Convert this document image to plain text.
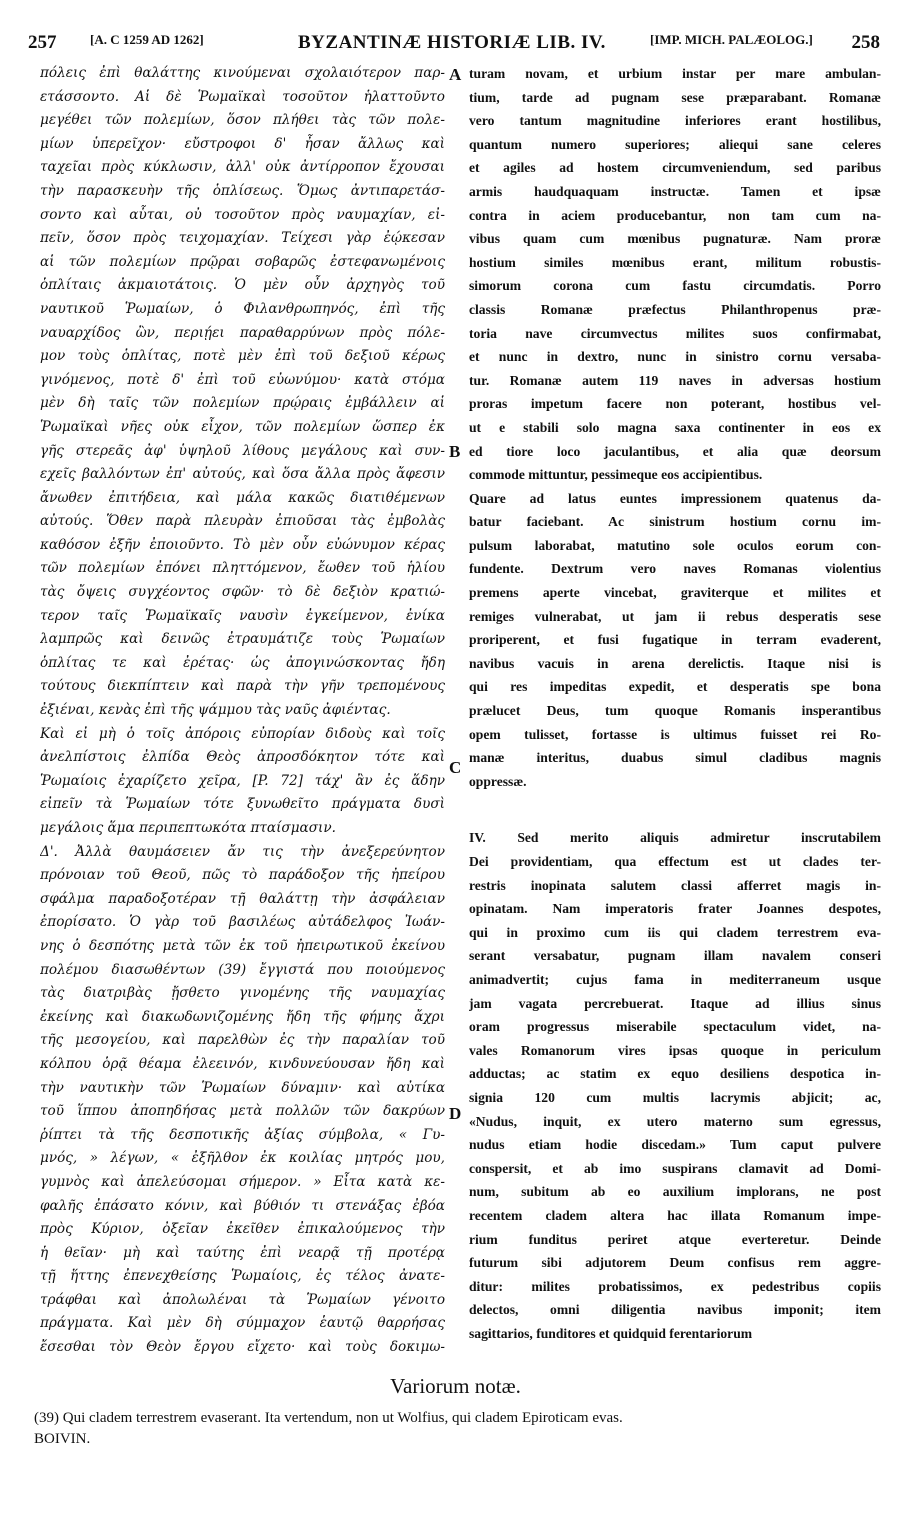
257	[A. C 1259 AD 1262]	BYZANTINÆ HISTORIÆ LIB. IV.	[IMP. MICH. PALÆOLOG.] 258
πόλεις ἐπὶ θαλάττης κινούμεναι σχολαιότερον παρ-
ετάσσοντο. Αἱ δὲ Ῥωμαϊκαὶ τοσοῦτον ἡλαττοῦντο
μεγέθει τῶν πολεμίων, ὅσον πλήθει τὰς τῶν πολε-
μίων ὑπερεῖχον· εὔστροφοι δ' ἦσαν ἄλλως καὶ
ταχεῖαι πρὸς κύκλωσιν, ἀλλ' οὐκ ἀντίρροπον ἔχουσαι
τὴν παρασκευὴν τῆς ὁπλίσεως. Ὅμως ἀντιπαρετάσ-
σοντο καὶ αὗται, οὐ τοσοῦτον πρὸς ναυμαχίαν, εἰ-
πεῖν, ὅσον πρὸς τειχομαχίαν. Τείχεσι γὰρ ἐῴκεσαν
αἱ τῶν πολεμίων πρῷραι σοβαρῶς ἐστεφανωμένοις
ὁπλίταις ἀκμαιοτάτοις. Ὁ μὲν οὖν ἀρχηγὸς τοῦ
ναυτικοῦ Ῥωμαίων, ὁ Φιλανθρωπηνός, ἐπὶ τῆς
ναυαρχίδος ὢν, περιῄει παραθαρρύνων πρὸς πόλε-
μον τοὺς ὁπλίτας, ποτὲ μὲν ἐπὶ τοῦ δεξιοῦ κέρως
γινόμενος, ποτὲ δ' ἐπὶ τοῦ εὐωνύμου· κατὰ στόμα
μὲν δὴ ταῖς τῶν πολεμίων πρῴραις ἐμβάλλειν αἱ
Ῥωμαϊκαὶ νῆες οὐκ εἶχον, τῶν πολεμίων ὥσπερ ἐκ
γῆς στερεᾶς ἀφ' ὑψηλοῦ λίθους μεγάλους καὶ συν-
εχεῖς βαλλόντων ἐπ' αὐτούς, καὶ ὅσα ἄλλα πρὸς ἄφεσιν
ἄνωθεν ἐπιτήδεια, καὶ μάλα κακῶς διατιθέμενων
αὐτούς. Ὅθεν παρὰ πλευρὰν ἐπιοῦσαι τὰς ἐμβολὰς
καθόσον ἐξῆν ἐποιοῦντο. Τὸ μὲν οὖν εὐώνυμον κέρας
τῶν πολεμίων ἐπόνει πληττόμενον, ἔωθεν τοῦ ἡλίου
τὰς ὄψεις συγχέοντος σφῶν· τὸ δὲ δεξιὸν κρατιώ-
τερον ταῖς Ῥωμαϊκαῖς ναυσὶν ἐγκείμενον, ἐνίκα
λαμπρῶς καὶ δεινῶς ἐτραυμάτιζε τοὺς Ῥωμαίων
ὁπλίτας τε καὶ ἐρέτας· ὡς ἀπογινώσκοντας ἤδη
τούτους διεκπίπτειν καὶ παρὰ τὴν γῆν τρεπομένους
ἐξιέναι, κενὰς ἐπὶ τῆς ψάμμου τὰς ναῦς ἀφιέντας.
Καὶ εἰ μὴ ὁ τοῖς ἀπόροις εὐπορίαν διδοὺς καὶ τοῖς
ἀνελπίστοις ἐλπίδα Θεὸς ἀπροσδόκητον τότε καὶ
Ῥωμαίοις ἐχαρίζετο χεῖρα, [P. 72] τάχ' ἂν ἐς ἅδην
εἰπεῖν τὰ Ῥωμαίων τότε ξυνωθεῖτο πράγματα δυσὶ
μεγάλοις ἅμα περιπεπτωκότα πταίσμασιν.
Δ'. Ἀλλὰ θαυμάσειεν ἄν τις τὴν ἀνεξερεύνητον
πρόνοιαν τοῦ Θεοῦ, πῶς τὸ παράδοξον τῆς ἠπείρου
σφάλμα παραδοξοτέραν τῇ θαλάττῃ τὴν ἀσφάλειαν
ἐπορίσατο. Ὁ γὰρ τοῦ βασιλέως αὐτάδελφος Ἰωάν-
νης ὁ δεσπότης μετὰ τῶν ἐκ τοῦ ἠπειρωτικοῦ ἐκείνου
πολέμου διασωθέντων (39) ἔγγιστά που ποιούμενος
τὰς διατριβὰς ᾔσθετο γινομένης τῆς ναυμαχίας
ἐκείνης καὶ διακωδωνιζομένης ἤδη τῆς φήμης ἄχρι
τῆς μεσογείου, καὶ παρελθὼν ἐς τὴν παραλίαν τοῦ
κόλπου ὁρᾷ θέαμα ἐλεεινόν, κινδυνεύουσαν ἤδη καὶ
τὴν ναυτικὴν τῶν Ῥωμαίων δύναμιν· καὶ αὐτίκα
τοῦ ἵππου ἀποπηδήσας μετὰ πολλῶν τῶν δακρύων
ῥίπτει τὰ τῆς δεσποτικῆς ἀξίας σύμβολα, « Γυ-
μνός, » λέγων, « ἐξῆλθον ἐκ κοιλίας μητρός μου,
γυμνὸς καὶ ἀπελεύσομαι σήμερον. » Εἶτα κατὰ κε-
φαλῆς ἐπάσατο κόνιν, καὶ βύθιόν τι στενάξας ἐβόα
πρὸς Κύριον, ὀξεῖαν ἐκεῖθεν ἐπικαλούμενος τὴν
ἡ θεῖαν· μὴ καὶ ταύτης ἐπὶ νεαρᾷ τῇ προτέρᾳ
τῇ ἥττης ἐπενεχθείσης Ῥωμαίοις, ἐς τέλος ἀνατε-
τράφθαι καὶ ἀπολωλέναι τὰ Ῥωμαίων γένοιτο
πράγματα. Καὶ μὲν δὴ σύμμαχον ἑαυτῷ θαρρήσας
ἔσεσθαι τὸν Θεὸν ἔργου εἴχετο· καὶ τοὺς δοκιμω-
turam novam, et urbium instar per mare ambulan-
tium, tarde ad pugnam sese præparabant. Romanæ
vero tantum magnitudine inferiores erant hostilibus,
quantum numero superiores; aliequi sane celeres
et agiles ad hostem circumveniendum, sed paribus
armis haudquaquam instructæ. Tamen et ipsæ
contra in aciem producebantur, non tam cum na-
vibus quam cum mœnibus pugnaturæ. Nam proræ
hostium similes mœnibus erant, militum robustis-
simorum corona cum fastu circumdatis. Porro
classis Romanæ præfectus Philanthropenus præ-
toria nave circumvectus milites suos confirmabat,
et nunc in dextro, nunc in sinistro cornu versaba-
tur. Romanæ autem 119 naves in adversas hostium
proras impetum facere non poterant, hostibus vel-
ut e stabili solo magna saxa continenter in eos ex
ed tiore loco jaculantibus, et alia quæ deorsum
commode mittuntur, pessimeque eos accipientibus.
Quare ad latus euntes impressionem quatenus da-
batur faciebant. Ac sinistrum hostium cornu im-
pulsum laborabat, matutino sole oculos eorum con-
fundente. Dextrum vero naves Romanas violentius
premens aperte vincebat, graviterque et milites et
remiges vulnerabat, ut jam ii rebus desperatis sese
proriperent, et fusi fugatique in terram evaderent,
navibus vacuis in arena derelictis. Itaque nisi is
qui res impeditas expedit, et desperatis spe bona
prælucet Deus, tum quoque Romanis insperantibus
opem tulisset, fortasse is ultimus fuisset rei Ro-
manæ interitus, duabus simul cladibus magnis
oppressæ.

IV. Sed merito aliquis admiretur inscrutabilem
Dei providentiam, qua effectum est ut clades ter-
restris inopinata salutem classi afferret magis in-
opinatam. Nam imperatoris frater Joannes despotes,
qui in proximo cum iis qui cladem terrestrem eva-
serant versabatur, pugnam illam navalem conseri
animadvertit; cujus fama in mediterraneum usque
jam vagata percrebuerat. Itaque ad illius sinus
oram progressus miserabile spectaculum videt, na-
vales Romanorum vires ipsas quoque in periculum
adductas; ac statim ex equo desiliens despotica in-
signia 120 cum multis lacrymis abjicit; ac,
«Nudus, inquit, ex utero materno sum egressus,
nudus etiam hodie discedam.» Tum caput pulvere
conspersit, et ab imo suspirans clamavit ad Domi-
num, subitum ab eo auxilium implorans, ne post
recentem cladem altera hac illata Romanum impe-
rium funditus periret atque everteretur. Deinde
futurum sibi adjutorem Deum confisus rem aggre-
ditur: milites probatissimos, ex pedestribus copiis
delectos, omni diligentia navibus imponit; item
sagittarios, funditores et quidquid ferentariorum
A
B
C
D
Variorum notæ.
(39) Qui cladem terrestrem evaserant. Ita vertendum, non ut Wolfius, qui cladem Epiroticam evas.
BOIVIN.
